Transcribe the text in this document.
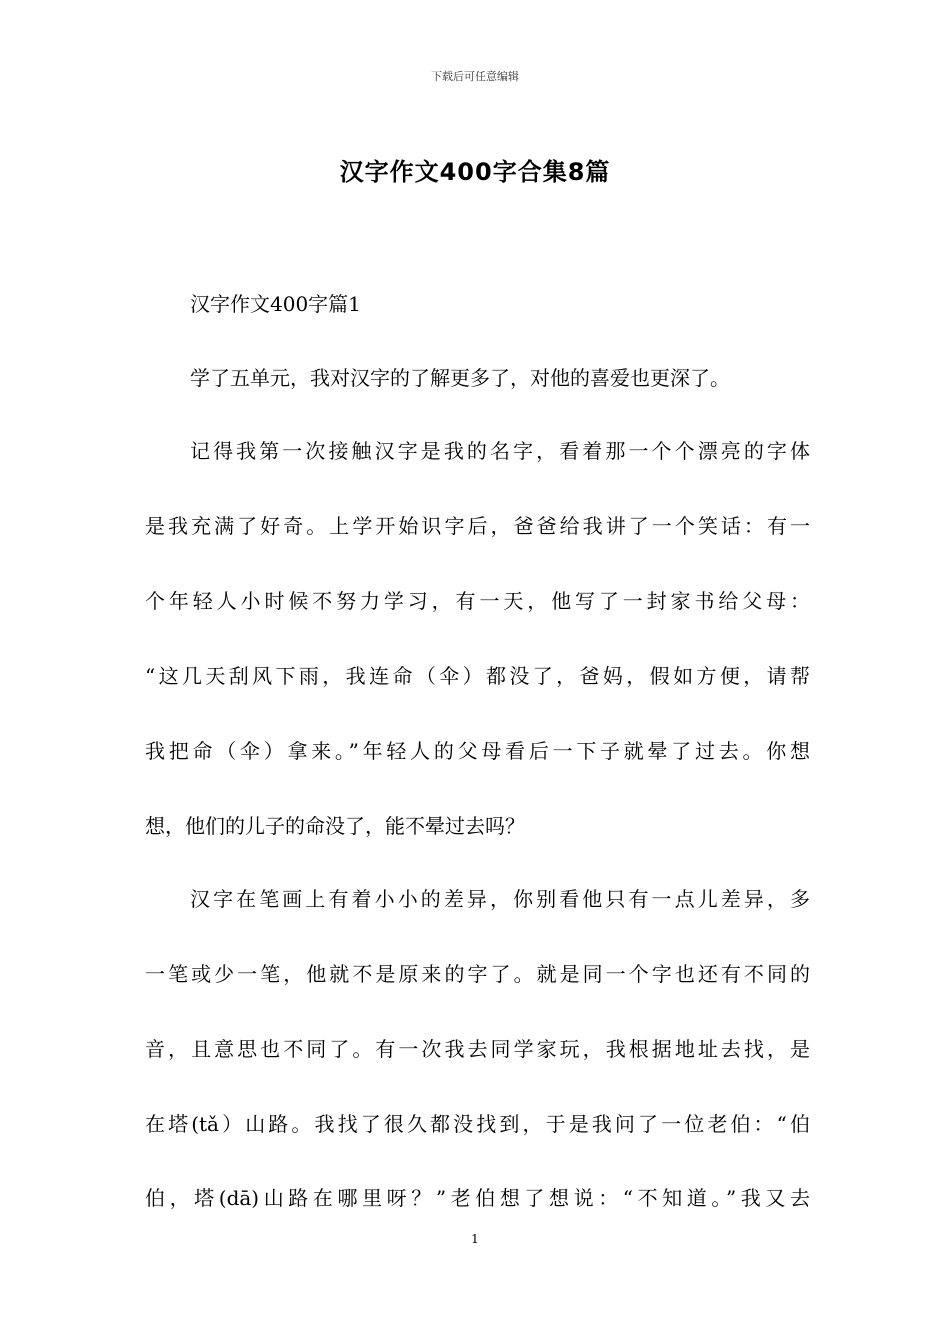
下载后可任意编辑
汉字作文400字合集8篇
汉字作文400字篇1
学了五单元，我对汉字的了解更多了，对他的喜爱也更深了。
记得我第一次接触汉字是我的名字，看着那一个个漂亮的字体
是我充满了好奇。上学开始识字后，爸爸给我讲了一个笑话：有一
个年轻人小时候不努力学习，有一天，他写了一封家书给父母：
“这几天刮风下雨，我连命（伞）都没了，爸妈，假如方便，请帮
我把命（伞）拿来。”年轻人的父母看后一下子就晕了过去。你想
想，他们的儿子的命没了，能不晕过去吗？
汉字在笔画上有着小小的差异，你别看他只有一点儿差异，多
一笔或少一笔，他就不是原来的字了。就是同一个字也还有不同的
音，且意思也不同了。有一次我去同学家玩，我根据地址去找，是
在塔(tǎ）山路。我找了很久都没找到，于是我问了一位老伯：“伯
伯，塔(dā)山路在哪里呀？”老伯想了想说：“不知道。”我又去
1
